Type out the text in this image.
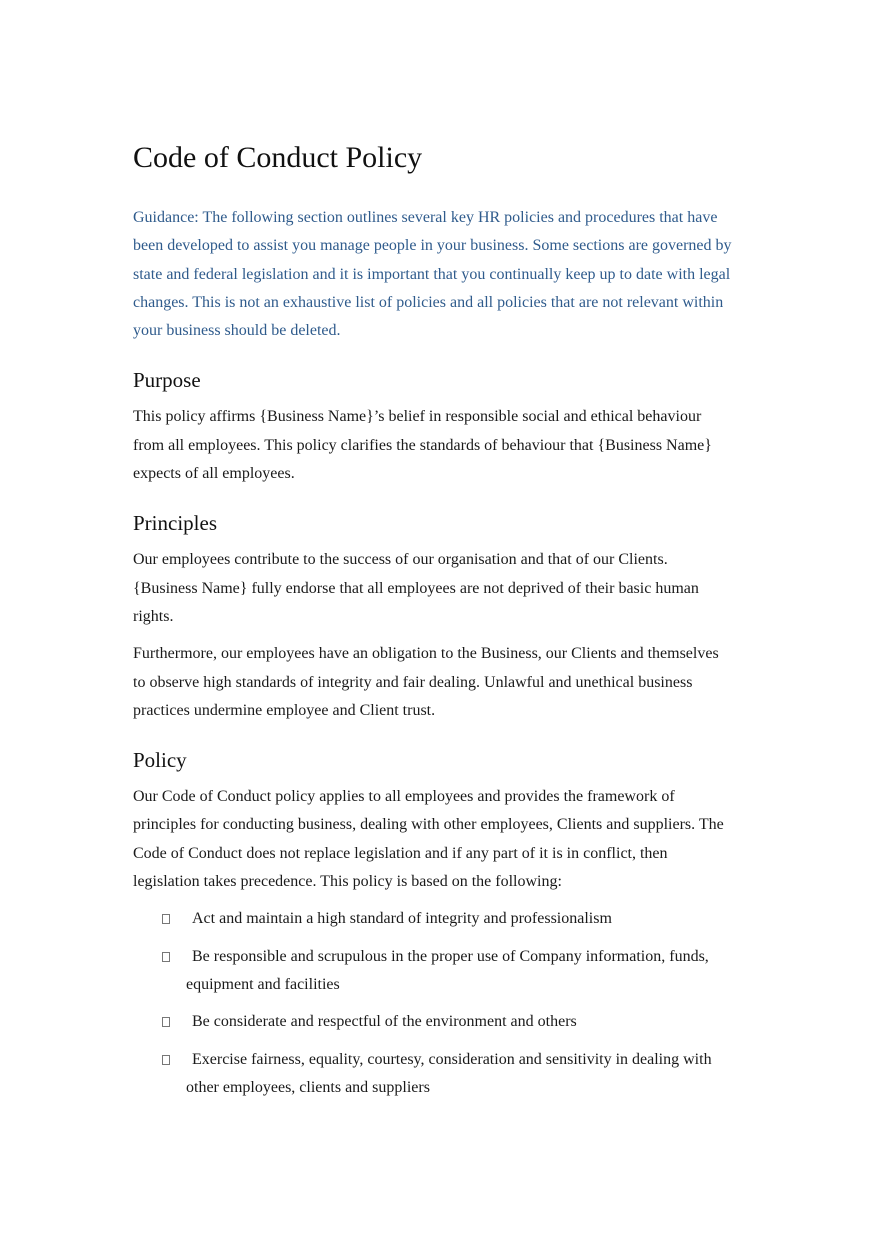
Code of Conduct Policy

Guidance: The following section outlines several key HR policies and procedures that have been developed to assist you manage people in your business. Some sections are governed by state and federal legislation and it is important that you continually keep up to date with legal changes. This is not an exhaustive list of policies and all policies that are not relevant within your business should be deleted.

Purpose

This policy affirms {Business Name}’s belief in responsible social and ethical behaviour from all employees. This policy clarifies the standards of behaviour that {Business Name} expects of all employees.

Principles

Our employees contribute to the success of our organisation and that of our Clients. {Business Name} fully endorse that all employees are not deprived of their basic human rights.

Furthermore, our employees have an obligation to the Business, our Clients and themselves to observe high standards of integrity and fair dealing. Unlawful and unethical business practices undermine employee and Client trust.

Policy

Our Code of Conduct policy applies to all employees and provides the framework of principles for conducting business, dealing with other employees, Clients and suppliers. The Code of Conduct does not replace legislation and if any part of it is in conflict, then legislation takes precedence. This policy is based on the following:

Act and maintain a high standard of integrity and professionalism
Be responsible and scrupulous in the proper use of Company information, funds, equipment and facilities
Be considerate and respectful of the environment and others
Exercise fairness, equality, courtesy, consideration and sensitivity in dealing with other employees, clients and suppliers
